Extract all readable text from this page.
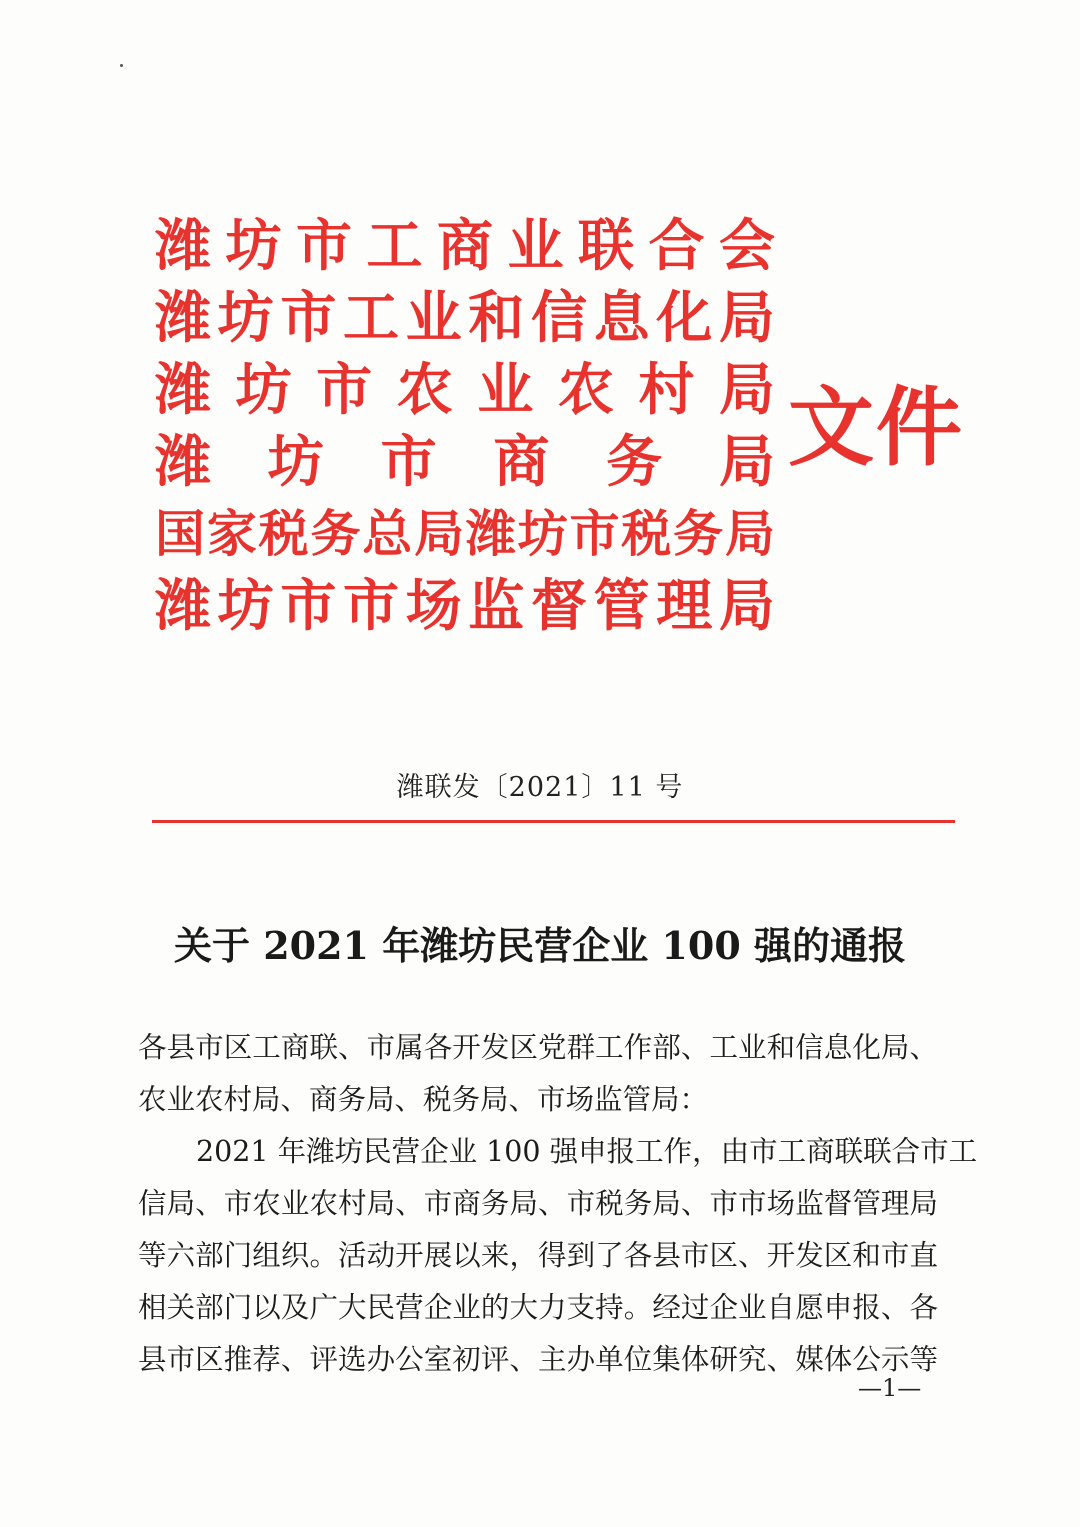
潍 坊 市 工 商 业 联 合 会
潍 坊 市 工 业 和 信 息 化 局
潍 坊 市 农 业 农 村 局
潍 坊 市 商 务 局
国 家 税 务 总 局 潍 坊 市 税 务 局
潍 坊 市 市 场 监 督 管 理 局
文件
潍联发〔2021〕11 号
关于 2021 年潍坊民营企业 100 强的通报
各县市区工商联、市属各开发区党群工作部、工业和信息化局、
农业农村局、商务局、税务局、市场监管局：
2021 年潍坊民营企业 100 强申报工作，由市工商联联合市工
信局、市农业农村局、市商务局、市税务局、市市场监督管理局
等六部门组织。活动开展以来，得到了各县市区、开发区和市直
相关部门以及广大民营企业的大力支持。经过企业自愿申报、各
县市区推荐、评选办公室初评、主办单位集体研究、媒体公示等
—1—
